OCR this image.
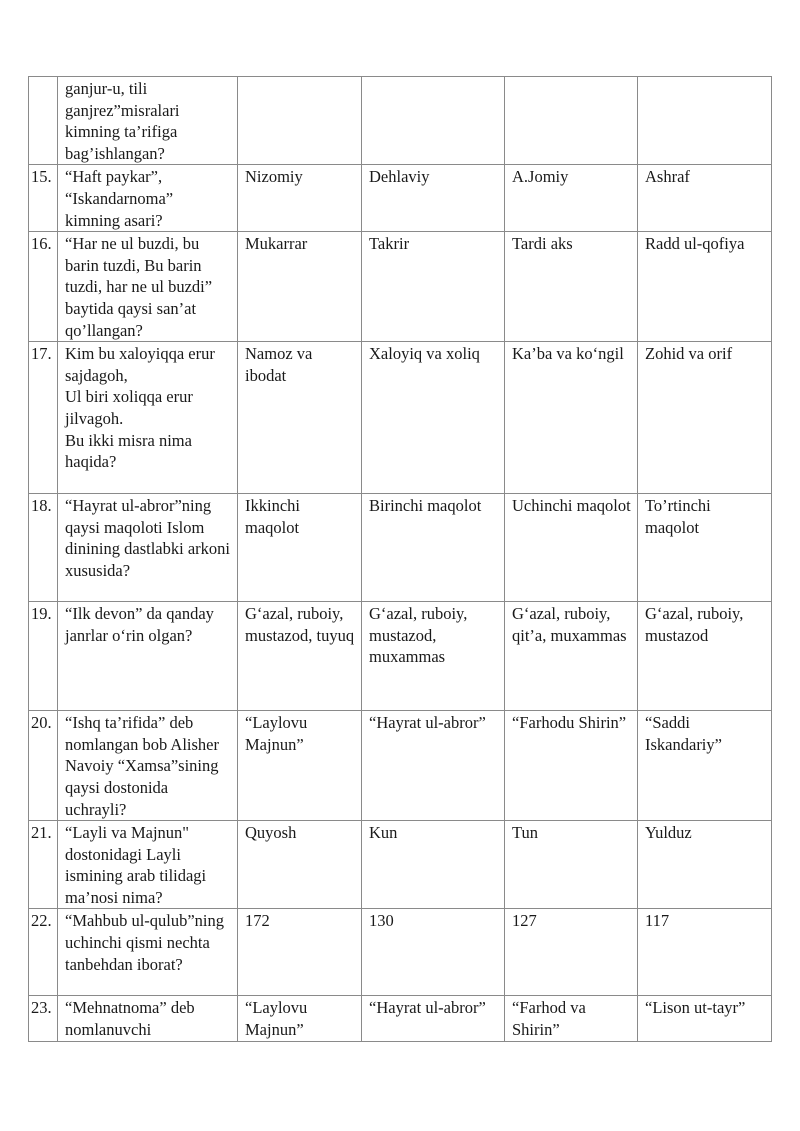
	ganjur-u, tili ganjrez”misralari kimning ta’rifiga bag’ishlangan?				
15.	“Haft paykar”, “Iskandarnoma” kimning asari?	Nizomiy	Dehlaviy	A.Jomiy	Ashraf
16.	“Har ne ul buzdi, bu barin tuzdi, Bu barin tuzdi, har ne ul buzdi” baytida qaysi san’at qo’llangan?	Mukarrar	Takrir	Tardi aks	Radd ul-qofiya
17.	Kim bu xaloyiqqa erur sajdagoh,
Ul biri xoliqqa erur jilvagoh.
Bu ikki misra nima haqida?	Namoz va ibodat	Xaloyiq va xoliq	Ka’ba va ko‘ngil	Zohid va orif
18.	“Hayrat ul-abror”ning qaysi maqoloti Islom dinining dastlabki arkoni xususida?	Ikkinchi maqolot	Birinchi maqolot	Uchinchi maqolot	To’rtinchi maqolot
19.	“Ilk devon” da qanday janrlar o‘rin olgan?	G‘azal, ruboiy, mustazod, tuyuq	G‘azal, ruboiy, mustazod, muxammas	G‘azal, ruboiy, qit’a, muxammas	G‘azal, ruboiy, mustazod
20.	“Ishq ta’rifida” deb nomlangan bob Alisher Navoiy “Xamsa”sining qaysi dostonida uchrayli?	“Laylovu Majnun”	“Hayrat ul-abror”	“Farhodu Shirin”	“Saddi Iskandariy”
21.	“Layli va Majnun" dostonidagi Layli ismining arab tilidagi ma’nosi nima?	Quyosh	Kun	Tun	Yulduz
22.	“Mahbub ul-qulub”ning uchinchi qismi nechta tanbehdan iborat?	172	130	127	117
23.	“Mehnatnoma” deb nomlanuvchi	“Laylovu Majnun”	“Hayrat ul-abror”	“Farhod va Shirin”	“Lison ut-tayr”
